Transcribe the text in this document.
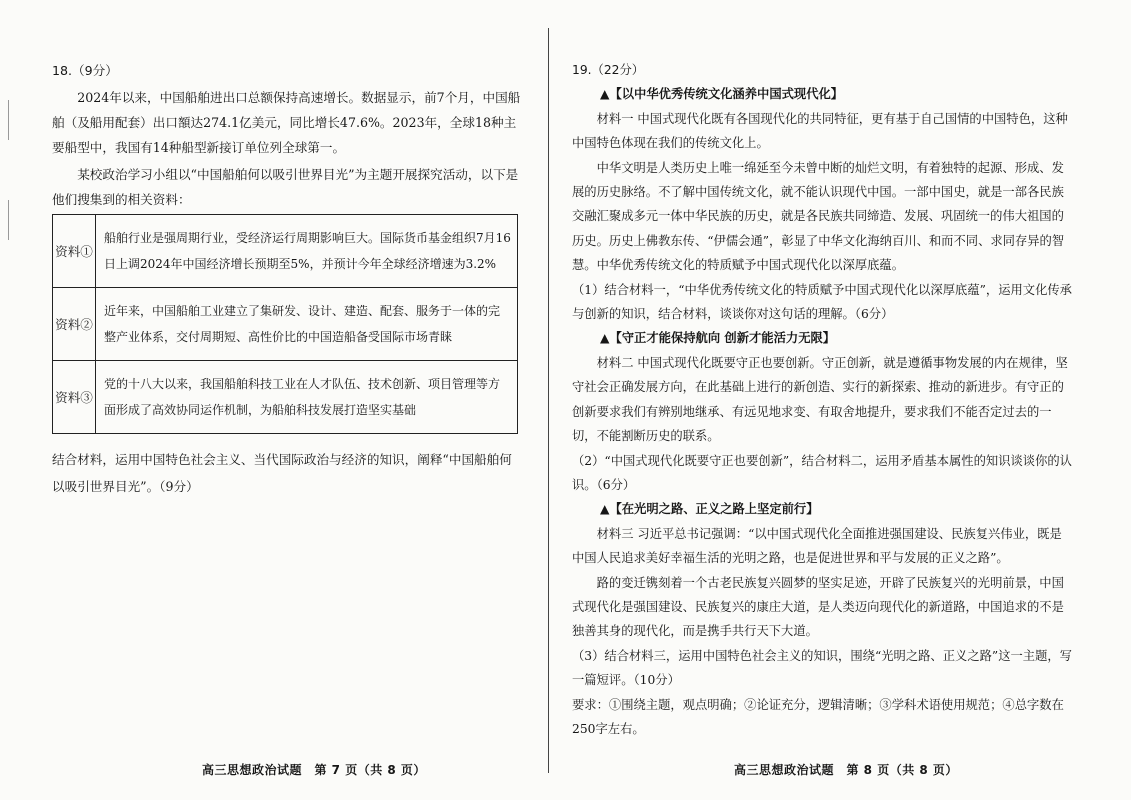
18.（9分）

2024年以来，中国船舶进出口总额保持高速增长。数据显示，前7个月，中国船舶（及船用配套）出口額达274.1亿美元，同比增长47.6%。2023年，全球18种主要船型中，我国有14种船型新接订单位列全球第一。

某校政治学习小组以“中国船舶何以吸引世界目光”为主题开展探究活动，以下是他们搜集到的相关资料：

资料①	船舶行业是强周期行业，受经济运行周期影响巨大。国际货币基金组织7月16日上调2024年中国经济增长预期至5%，并预计今年全球经济增速为3.2%
资料②	近年来，中国船舶工业建立了集研发、设计、建造、配套、服务于一体的完整产业体系，交付周期短、高性价比的中国造船备受国际市场青睐
资料③	党的十八大以来，我国船舶科技工业在人才队伍、技术创新、项目管理等方面形成了高效协同运作机制，为船舶科技发展打造坚实基础

结合材料，运用中国特色社会主义、当代国际政治与经济的知识，阐释“中国船舶何以吸引世界目光”。（9分）

高三思想政治试题　第 7 页（共 8 页）

19.（22分）

▲【以中华优秀传统文化涵养中国式现代化】

材料一 中国式现代化既有各国现代化的共同特征，更有基于自己国情的中国特色，这种中国特色体现在我们的传统文化上。

中华文明是人类历史上唯一绵延至今未曾中断的灿烂文明，有着独特的起源、形成、发展的历史脉络。不了解中国传统文化，就不能认识现代中国。一部中国史，就是一部各民族交融汇聚成多元一体中华民族的历史，就是各民族共同缔造、发展、巩固统一的伟大祖国的历史。历史上佛教东传、“伊儒会通”，彰显了中华文化海纳百川、和而不同、求同存异的智慧。中华优秀传统文化的特质赋予中国式现代化以深厚底蕴。

（1）结合材料一，“中华优秀传统文化的特质赋予中国式现代化以深厚底蕴”，运用文化传承与创新的知识，结合材料，谈谈你对这句话的理解。（6分）

▲【守正才能保持航向 创新才能活力无限】

材料二 中国式现代化既要守正也要创新。守正创新，就是遵循事物发展的内在规律，坚守社会正确发展方向，在此基础上进行的新创造、实行的新探索、推动的新进步。有守正的创新要求我们有辨别地继承、有远见地求变、有取舍地提升，要求我们不能否定过去的一切，不能割断历史的联系。

（2）“中国式现代化既要守正也要创新”，结合材料二，运用矛盾基本属性的知识谈谈你的认识。（6分）

▲【在光明之路、正义之路上坚定前行】

材料三 习近平总书记强调：“以中国式现代化全面推进强国建设、民族复兴伟业，既是中国人民追求美好幸福生活的光明之路，也是促进世界和平与发展的正义之路”。

路的变迁镌刻着一个古老民族复兴圆梦的坚实足迹，开辟了民族复兴的光明前景，中国式现代化是强国建设、民族复兴的康庄大道，是人类迈向现代化的新道路，中国追求的不是独善其身的现代化，而是携手共行天下大道。

（3）结合材料三，运用中国特色社会主义的知识，围绕“光明之路、正义之路”这一主题，写一篇短评。（10分）

要求：①围绕主题，观点明确；②论证充分，逻辑清晰；③学科术语使用规范；④总字数在250字左右。

高三思想政治试题　第 8 页（共 8 页）
